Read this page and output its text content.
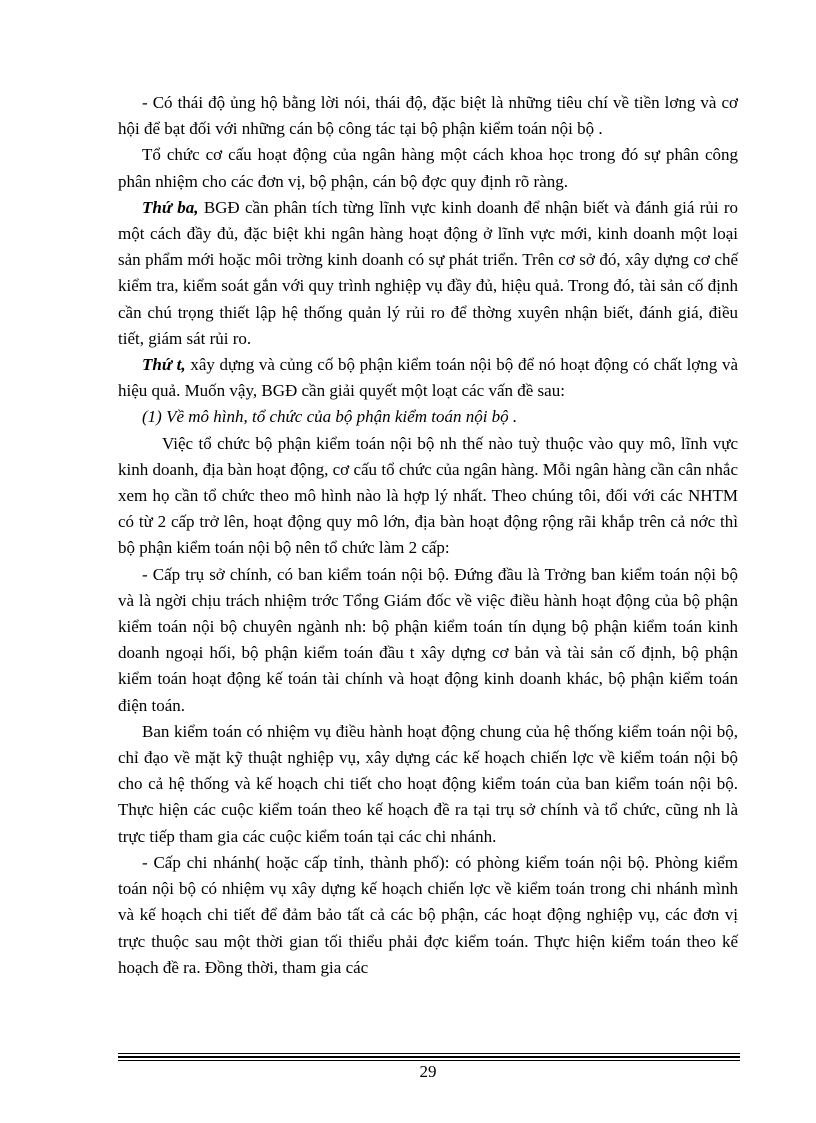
- Có thái độ ủng hộ bằng lời nói, thái độ, đặc biệt là những tiêu chí về tiền lơng và cơ hội để bạt đối với những cán bộ công tác tại bộ phận kiểm toán nội bộ .

Tổ chức cơ cấu hoạt động của ngân hàng một cách khoa học trong đó sự phân công phân nhiệm cho các đơn vị, bộ phận, cán bộ đợc quy định rõ ràng.

Thứ ba, BGĐ cần phân tích từng lĩnh vực kinh doanh để nhận biết và đánh giá rủi ro một cách đầy đủ, đặc biệt khi ngân hàng hoạt động ở lĩnh vực mới, kinh doanh một loại sản phẩm mới hoặc môi trờng kinh doanh có sự phát triển. Trên cơ sở đó, xây dựng cơ chế kiểm tra, kiểm soát gắn với quy trình nghiệp vụ đầy đủ, hiệu quả. Trong đó, tài sản cố định cần chú trọng thiết lập hệ thống quản lý rủi ro để thờng xuyên nhận biết, đánh giá, điều tiết, giám sát rủi ro.

Thứ t, xây dựng và củng cố bộ phận kiểm toán nội bộ để nó hoạt động có chất lợng và hiệu quả. Muốn vậy, BGĐ cần giải quyết một loạt các vấn đề sau:

(1) Về mô hình, tổ chức của bộ phận kiểm toán nội bộ .

Việc tổ chức bộ phận kiểm toán nội bộ nh thế nào tuỳ thuộc vào quy mô, lĩnh vực kinh doanh, địa bàn hoạt động, cơ cấu tổ chức của ngân hàng. Mỗi ngân hàng cần cân nhắc xem họ cần tổ chức theo mô hình nào là hợp lý nhất. Theo chúng tôi, đối với các NHTM có từ 2 cấp trở lên, hoạt động quy mô lớn, địa bàn hoạt động rộng rãi khắp trên cả nớc thì bộ phận kiểm toán nội bộ nên tổ chức làm 2 cấp:

- Cấp trụ sở chính, có ban kiểm toán nội bộ. Đứng đầu là Trởng ban kiểm toán nội bộ và là ngời chịu trách nhiệm trớc Tổng Giám đốc về việc điều hành hoạt động của bộ phận kiểm toán nội bộ chuyên ngành nh: bộ phận kiểm toán tín dụng bộ phận kiểm toán kinh doanh ngoại hối, bộ phận kiểm toán đầu t xây dựng cơ bản và tài sản cố định, bộ phận kiểm toán hoạt động kế toán tài chính và hoạt động kinh doanh khác, bộ phận kiểm toán điện toán.

Ban kiểm toán có nhiệm vụ điều hành hoạt động chung của hệ thống kiểm toán nội bộ, chỉ đạo về mặt kỹ thuật nghiệp vụ, xây dựng các kế hoạch chiến lợc về kiểm toán nội bộ cho cả hệ thống và kế hoạch chi tiết cho hoạt động kiểm toán của ban kiểm toán nội bộ. Thực hiện các cuộc kiểm toán theo kế hoạch đề ra tại trụ sở chính và tổ chức, cũng nh là trực tiếp tham gia các cuộc kiểm toán tại các chi nhánh.

- Cấp chi nhánh( hoặc cấp tỉnh, thành phố): có phòng kiểm toán nội bộ. Phòng kiểm toán nội bộ có nhiệm vụ xây dựng kế hoạch chiến lợc về kiểm toán trong chi nhánh mình và kế hoạch chi tiết để đảm bảo tất cả các bộ phận, các hoạt động nghiệp vụ, các đơn vị trực thuộc sau một thời gian tối thiểu phải đợc kiểm toán. Thực hiện kiểm toán theo kế hoạch đề ra. Đồng thời, tham gia các

29
